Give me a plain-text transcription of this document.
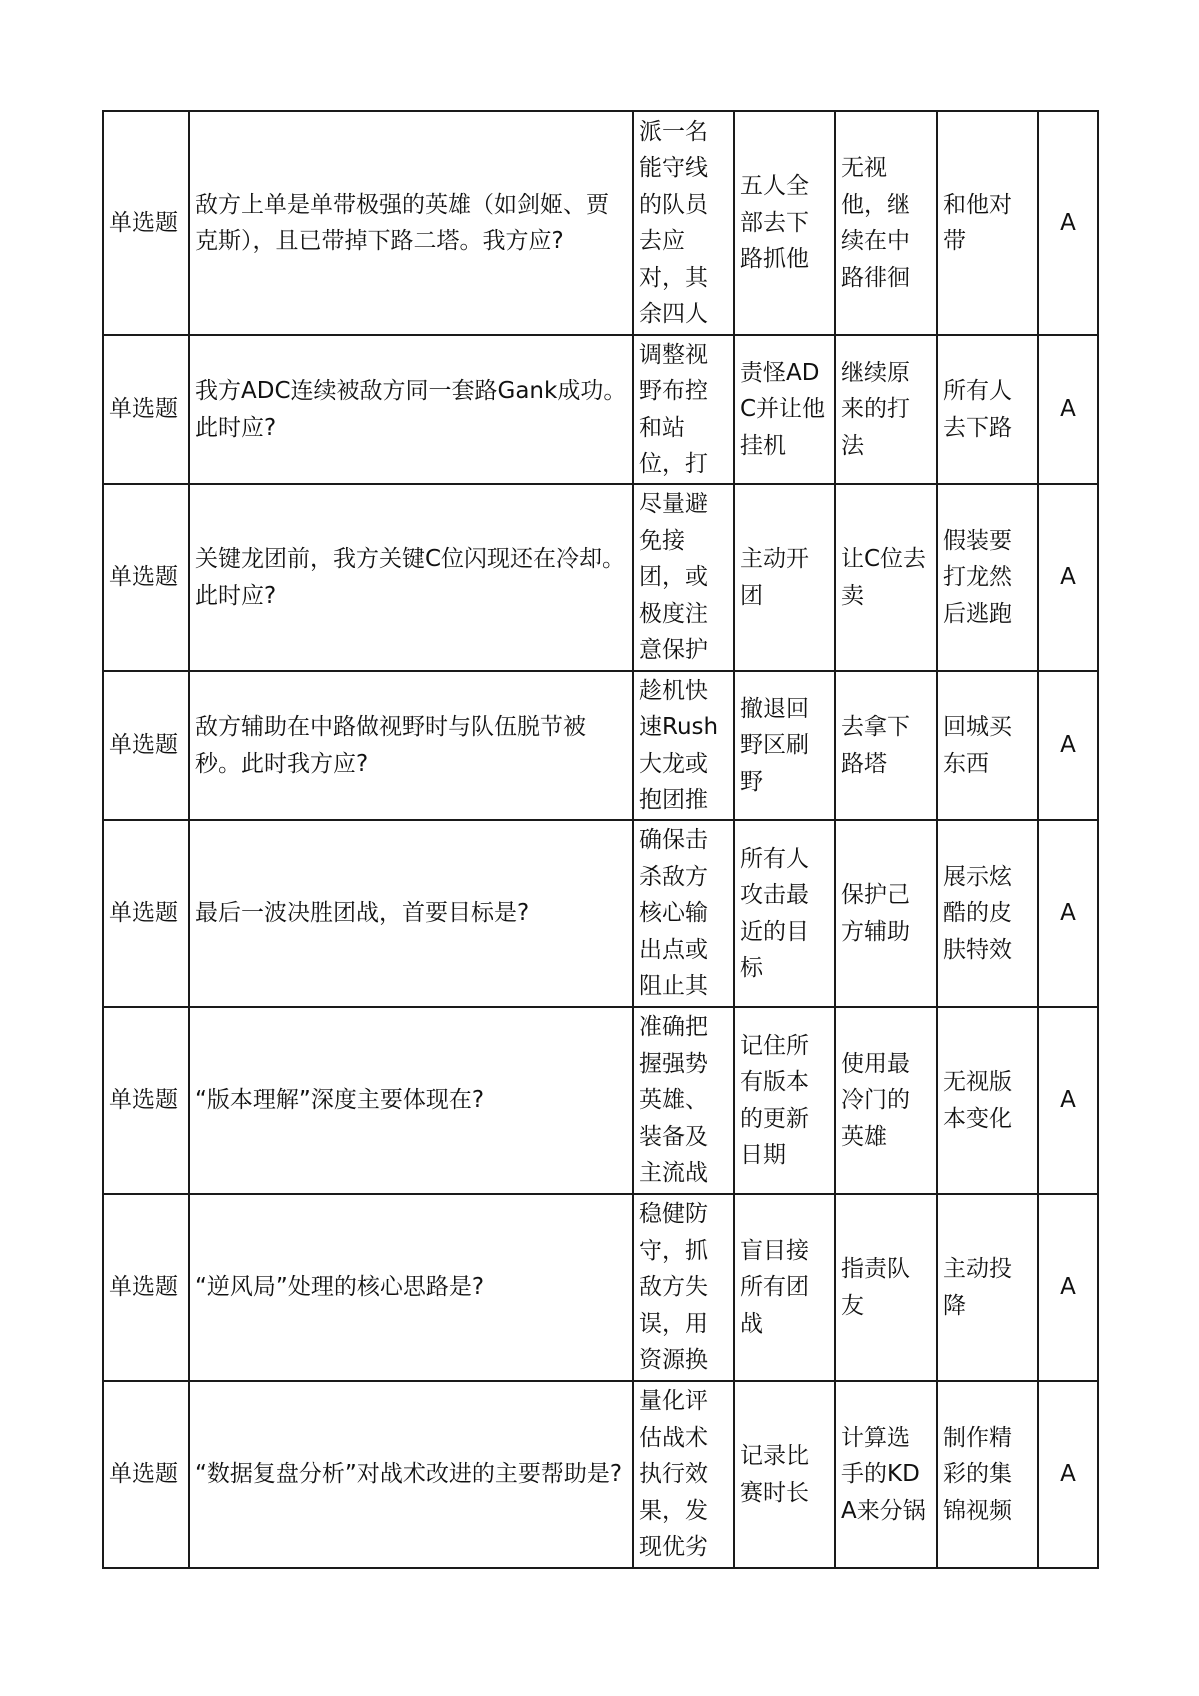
单选题	敌方上单是单带极强的英雄（如剑姬、贾克斯），且已带掉下路二塔。我方应?	派一名能守线的队员去应对，其余四人	五人全部去下路抓他	无视他，继续在中路徘徊	和他对带	A
单选题	我方ADC连续被敌方同一套路Gank成功。此时应?	调整视野布控和站位，打	责怪ADC并让他挂机	继续原来的打法	所有人去下路	A
单选题	关键龙团前，我方关键C位闪现还在冷却。此时应?	尽量避免接团，或极度注意保护	主动开团	让C位去卖	假装要打龙然后逃跑	A
单选题	敌方辅助在中路做视野时与队伍脱节被秒。此时我方应?	趁机快速Rush大龙或抱团推	撤退回野区刷野	去拿下路塔	回城买东西	A
单选题	最后一波决胜团战，首要目标是?	确保击杀敌方核心输出点或阻止其	所有人攻击最近的目标	保护己方辅助	展示炫酷的皮肤特效	A
单选题	“版本理解”深度主要体现在?	准确把握强势英雄、装备及主流战	记住所有版本的更新日期	使用最冷门的英雄	无视版本变化	A
单选题	“逆风局”处理的核心思路是?	稳健防守，抓敌方失误，用资源换	盲目接所有团战	指责队友	主动投降	A
单选题	“数据复盘分析”对战术改进的主要帮助是?	量化评估战术执行效果，发现优劣	记录比赛时长	计算选手的KDA来分锅	制作精彩的集锦视频	A
